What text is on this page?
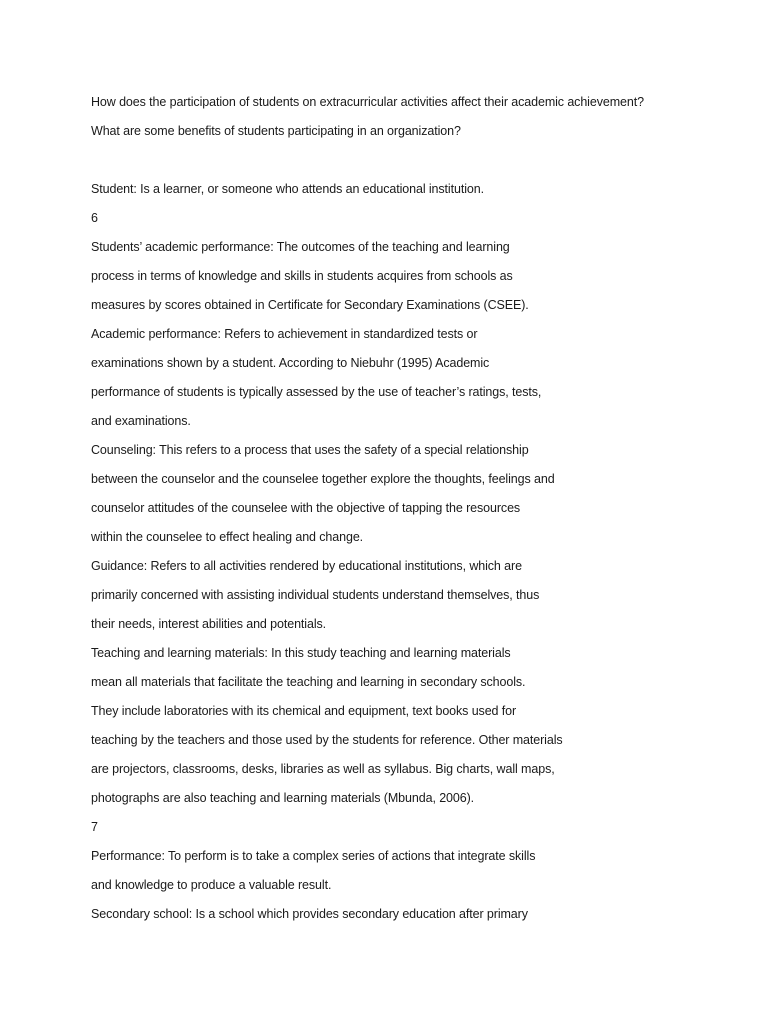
How does the participation of students on extracurricular activities affect their academic achievement?
What are some benefits of students participating in an organization?
Student: Is a learner, or someone who attends an educational institution.
6
Students’ academic performance: The outcomes of the teaching and learning
process in terms of knowledge and skills in students acquires from schools as
measures by scores obtained in Certificate for Secondary Examinations (CSEE).
Academic performance: Refers to achievement in standardized tests or
examinations shown by a student. According to Niebuhr (1995) Academic
performance of students is typically assessed by the use of teacher’s ratings, tests,
and examinations.
Counseling: This refers to a process that uses the safety of a special relationship
between the counselor and the counselee together explore the thoughts, feelings and
counselor attitudes of the counselee with the objective of tapping the resources
within the counselee to effect healing and change.
Guidance: Refers to all activities rendered by educational institutions, which are
primarily concerned with assisting individual students understand themselves, thus
their needs, interest abilities and potentials.
Teaching and learning materials: In this study teaching and learning materials
mean all materials that facilitate the teaching and learning in secondary schools.
They include laboratories with its chemical and equipment, text books used for
teaching by the teachers and those used by the students for reference. Other materials
are projectors, classrooms, desks, libraries as well as syllabus. Big charts, wall maps,
photographs are also teaching and learning materials (Mbunda, 2006).
7
Performance: To perform is to take a complex series of actions that integrate skills
and knowledge to produce a valuable result.
Secondary school: Is a school which provides secondary education after primary
